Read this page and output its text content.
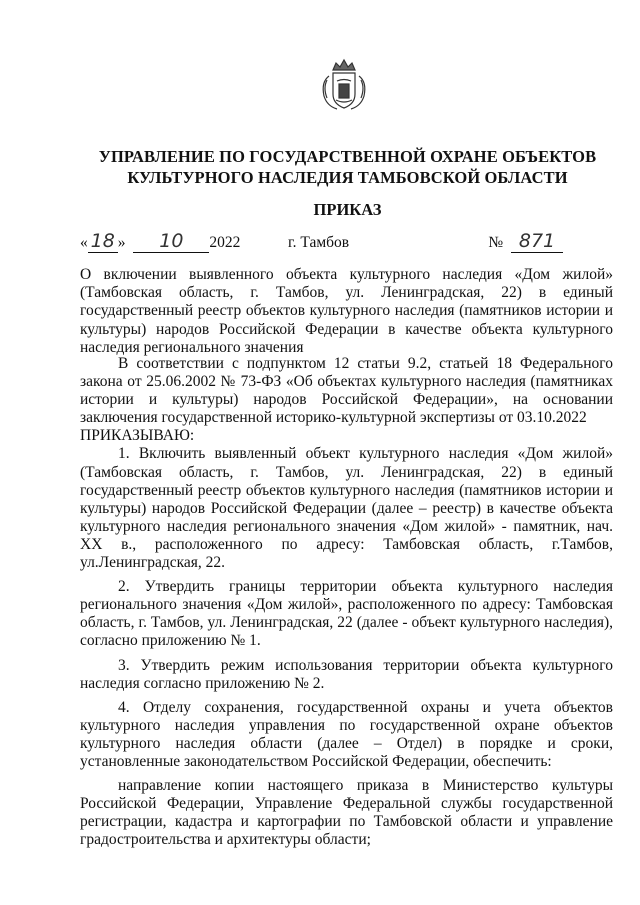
УПРАВЛЕНИЕ ПО ГОСУДАРСТВЕННОЙ ОХРАНЕ ОБЪЕКТОВ
КУЛЬТУРНОГО НАСЛЕДИЯ ТАМБОВСКОЙ ОБЛАСТИ
ПРИКАЗ
« 18 » 10 2022	г. Тамбов	№ 871
О включении выявленного объекта культурного наследия «Дом жилой» (Тамбовская область, г. Тамбов, ул. Ленинградская, 22) в единый государственный реестр объектов культурного наследия (памятников истории и культуры) народов Российской Федерации в качестве объекта культурного наследия регионального значения

В соответствии с подпунктом 12 статьи 9.2, статьей 18 Федерального закона от 25.06.2002 № 73-ФЗ «Об объектах культурного наследия (памятниках истории и культуры) народов Российской Федерации», на основании заключения государственной историко-культурной экспертизы от 03.10.2022

ПРИКАЗЫВАЮ:

1. Включить выявленный объект культурного наследия «Дом жилой» (Тамбовская область, г. Тамбов, ул. Ленинградская, 22) в единый государственный реестр объектов культурного наследия (памятников истории и культуры) народов Российской Федерации (далее – реестр) в качестве объекта культурного наследия регионального значения «Дом жилой» - памятник, нач. ХХ в., расположенного по адресу: Тамбовская область, г.Тамбов, ул.Ленинградская, 22.

2. Утвердить границы территории объекта культурного наследия регионального значения «Дом жилой», расположенного по адресу: Тамбовская область, г. Тамбов, ул. Ленинградская, 22 (далее - объект культурного наследия), согласно приложению № 1.

3. Утвердить режим использования территории объекта культурного наследия согласно приложению № 2.

4. Отделу сохранения, государственной охраны и учета объектов культурного наследия управления по государственной охране объектов культурного наследия области (далее – Отдел) в порядке и сроки, установленные законодательством Российской Федерации, обеспечить:

направление копии настоящего приказа в Министерство культуры Российской Федерации, Управление Федеральной службы государственной регистрации, кадастра и картографии по Тамбовской области и управление градостроительства и архитектуры области;
